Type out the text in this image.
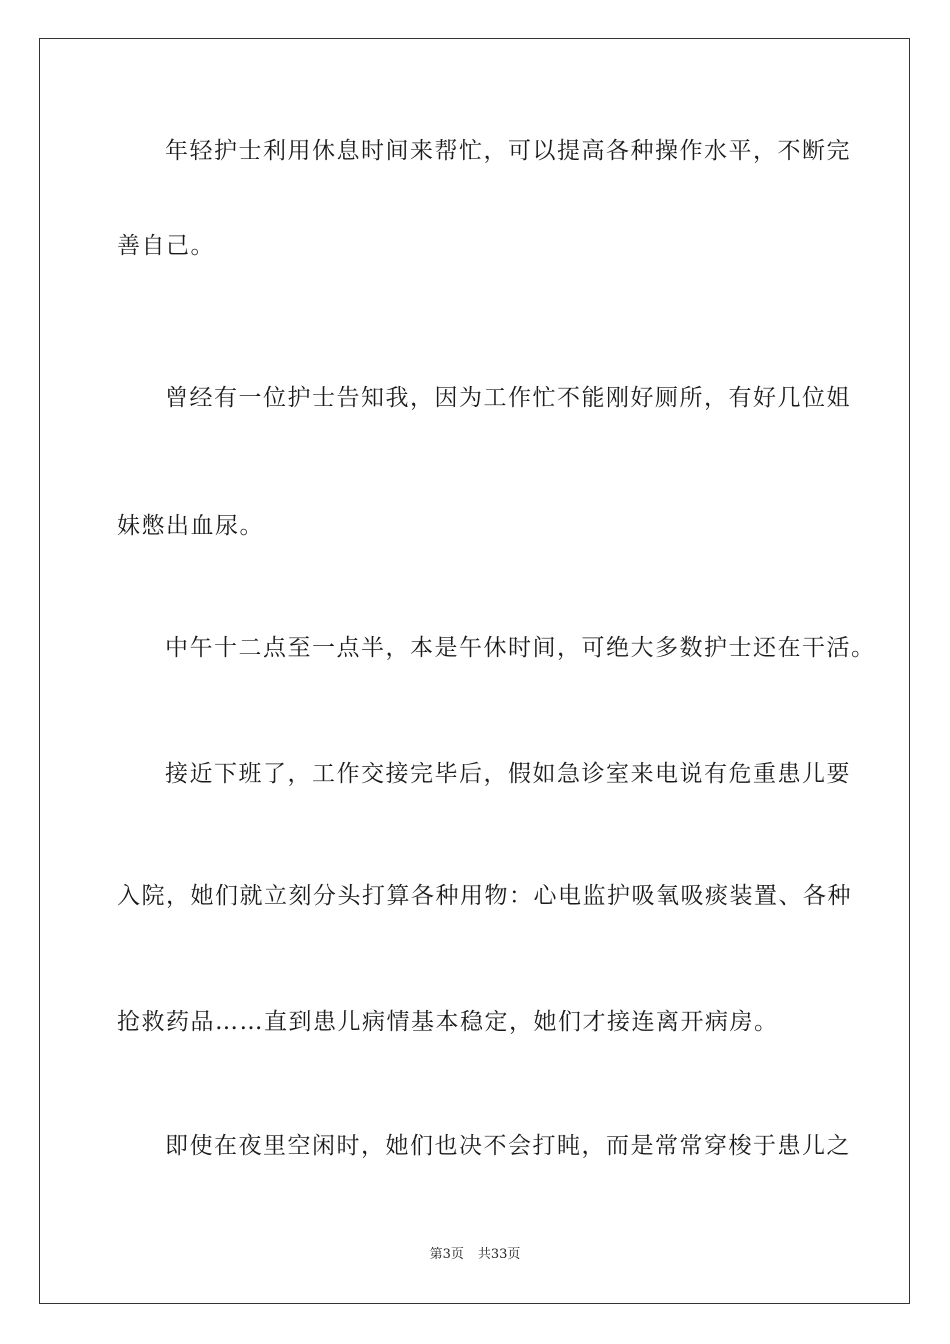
年轻护士利用休息时间来帮忙，可以提高各种操作水平，不断完
善自己。
曾经有一位护士告知我，因为工作忙不能刚好厕所，有好几位姐
妹憋出血尿。
中午十二点至一点半，本是午休时间，可绝大多数护士还在干活。
接近下班了，工作交接完毕后，假如急诊室来电说有危重患儿要
入院，她们就立刻分头打算各种用物：心电监护吸氧吸痰装置、各种
抢救药品……直到患儿病情基本稳定，她们才接连离开病房。
即使在夜里空闲时，她们也决不会打盹，而是常常穿梭于患儿之
第3页 共33页
